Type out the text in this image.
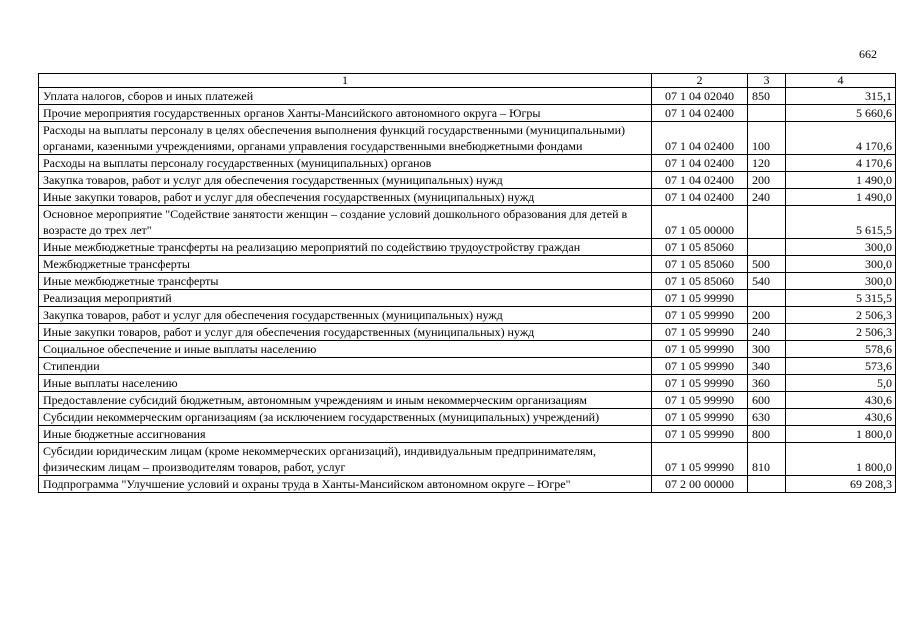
662
1	2	3	4
Уплата налогов, сборов и иных платежей	07 1 04 02040	850	315,1
Прочие мероприятия государственных органов Ханты-Мансийского автономного округа – Югры	07 1 04 02400		5 660,6
Расходы на выплаты персоналу в целях обеспечения выполнения функций государственными (муниципальными) органами, казенными учреждениями, органами управления государственными внебюджетными фондами	07 1 04 02400	100	4 170,6
Расходы на выплаты персоналу государственных (муниципальных) органов	07 1 04 02400	120	4 170,6
Закупка товаров, работ и услуг для обеспечения государственных (муниципальных) нужд	07 1 04 02400	200	1 490,0
Иные закупки товаров, работ и услуг для обеспечения государственных (муниципальных) нужд	07 1 04 02400	240	1 490,0
Основное мероприятие "Содействие занятости женщин – создание условий дошкольного образования для детей в возрасте до трех лет"	07 1 05 00000		5 615,5
Иные межбюджетные трансферты на реализацию мероприятий по содействию трудоустройству граждан	07 1 05 85060		300,0
Межбюджетные трансферты	07 1 05 85060	500	300,0
Иные межбюджетные трансферты	07 1 05 85060	540	300,0
Реализация мероприятий	07 1 05 99990		5 315,5
Закупка товаров, работ и услуг для обеспечения государственных (муниципальных) нужд	07 1 05 99990	200	2 506,3
Иные закупки товаров, работ и услуг для обеспечения государственных (муниципальных) нужд	07 1 05 99990	240	2 506,3
Социальное обеспечение и иные выплаты населению	07 1 05 99990	300	578,6
Стипендии	07 1 05 99990	340	573,6
Иные выплаты населению	07 1 05 99990	360	5,0
Предоставление субсидий бюджетным, автономным учреждениям и иным некоммерческим организациям	07 1 05 99990	600	430,6
Субсидии некоммерческим организациям (за исключением государственных (муниципальных) учреждений)	07 1 05 99990	630	430,6
Иные бюджетные ассигнования	07 1 05 99990	800	1 800,0
Субсидии юридическим лицам (кроме некоммерческих организаций), индивидуальным предпринимателям, физическим лицам – производителям товаров, работ, услуг	07 1 05 99990	810	1 800,0
Подпрограмма "Улучшение условий и охраны труда в Ханты-Мансийском автономном округе – Югре"	07 2 00 00000		69 208,3
